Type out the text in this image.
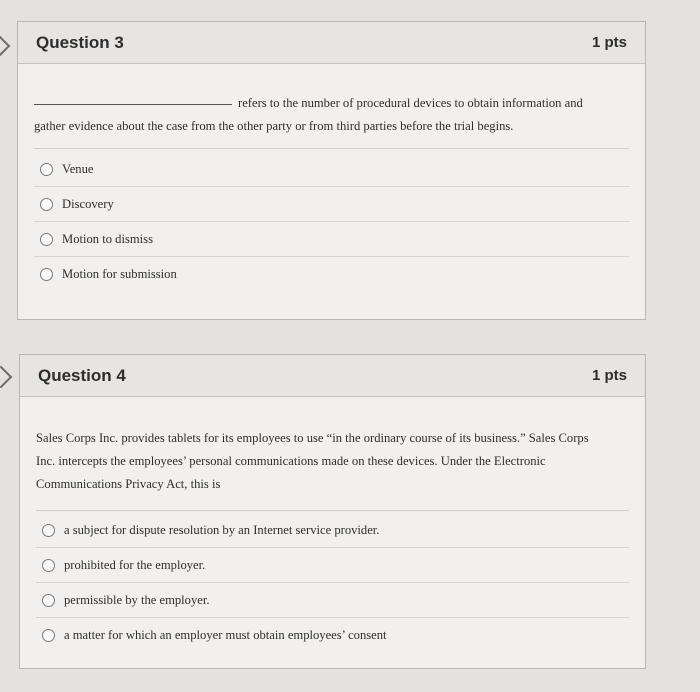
Question 3	1 pts
refers to the number of procedural devices to obtain information and
gather evidence about the case from the other party or from third parties before the trial begins.
Venue
Discovery
Motion to dismiss
Motion for submission
Question 4	1 pts
Sales Corps Inc. provides tablets for its employees to use “in the ordinary course of its business.” Sales Corps
Inc. intercepts the employees’ personal communications made on these devices. Under the Electronic
Communications Privacy Act, this is
a subject for dispute resolution by an Internet service provider.
prohibited for the employer.
permissible by the employer.
a matter for which an employer must obtain employees’ consent
